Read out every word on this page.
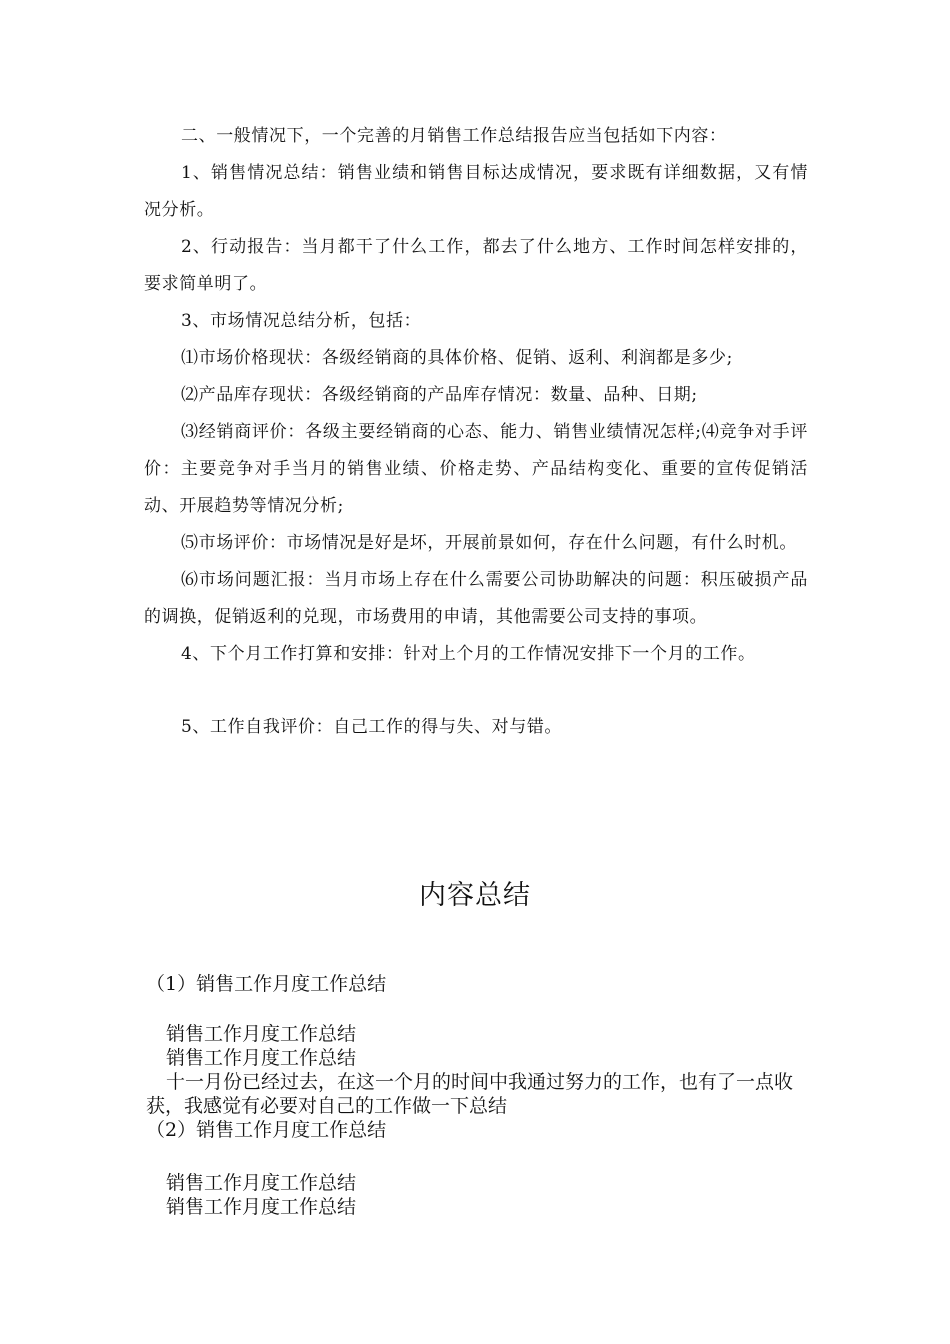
二、一般情况下，一个完善的月销售工作总结报告应当包括如下内容：

1、销售情况总结：销售业绩和销售目标达成情况，要求既有详细数据，又有情况分析。

2、行动报告：当月都干了什么工作，都去了什么地方、工作时间怎样安排的，要求简单明了。

3、市场情况总结分析，包括：

⑴市场价格现状：各级经销商的具体价格、促销、返利、利润都是多少;

⑵产品库存现状：各级经销商的产品库存情况：数量、品种、日期;

⑶经销商评价：各级主要经销商的心态、能力、销售业绩情况怎样;⑷竞争对手评价：主要竞争对手当月的销售业绩、价格走势、产品结构变化、重要的宣传促销活动、开展趋势等情况分析;

⑸市场评价：市场情况是好是坏，开展前景如何，存在什么问题，有什么时机。

⑹市场问题汇报：当月市场上存在什么需要公司协助解决的问题：积压破损产品的调换，促销返利的兑现，市场费用的申请，其他需要公司支持的事项。

4、下个月工作打算和安排：针对上个月的工作情况安排下一个月的工作。

5、工作自我评价：自己工作的得与失、对与错。

内容总结

（1）销售工作月度工作总结

销售工作月度工作总结

销售工作月度工作总结

十一月份已经过去，在这一个月的时间中我通过努力的工作，也有了一点收获，我感觉有必要对自己的工作做一下总结

（2）销售工作月度工作总结

销售工作月度工作总结

销售工作月度工作总结
